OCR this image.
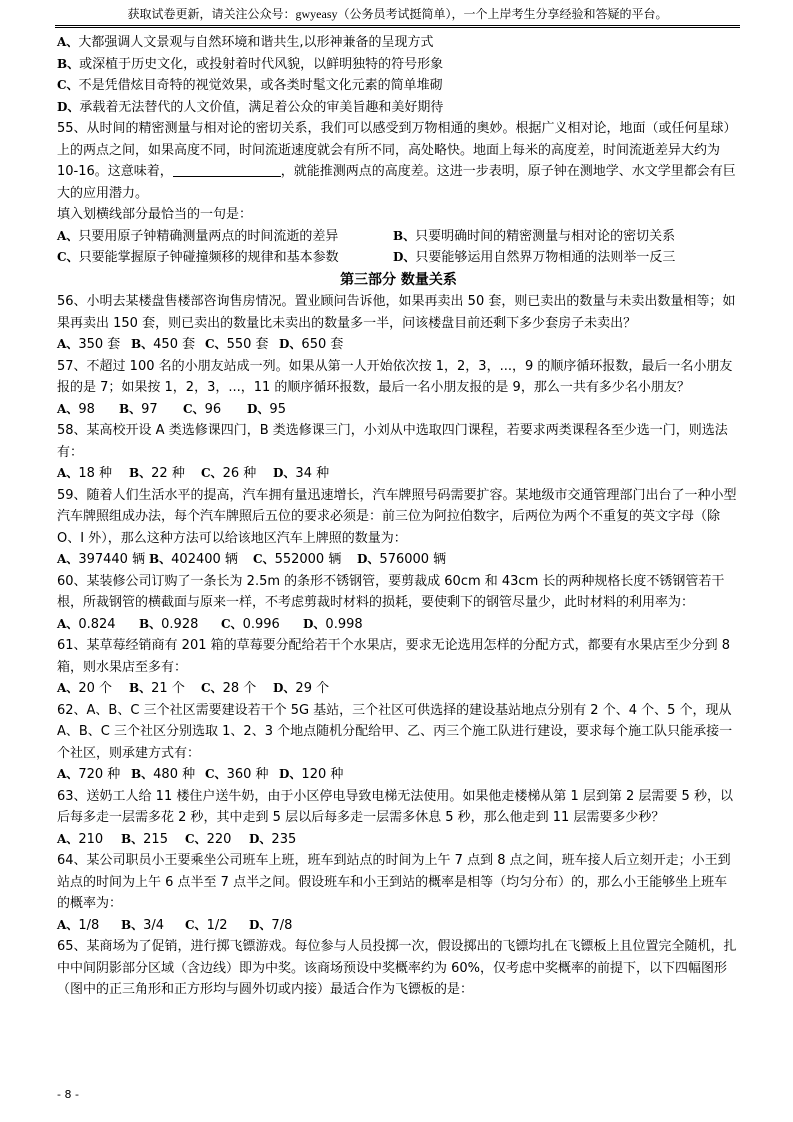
获取试卷更新，请关注公众号：gwyeasy（公务员考试挺简单），一个上岸考生分享经验和答疑的平台。

A、大都强调人文景观与自然环境和谐共生,以形神兼备的呈现方式

B、或深植于历史文化，或投射着时代风貌，以鲜明独特的符号形象

C、不是凭借炫目奇特的视觉效果，或各类时髦文化元素的简单堆砌

D、承载着无法替代的人文价值，满足着公众的审美旨趣和美好期待

55、从时间的精密测量与相对论的密切关系，我们可以感受到万物相通的奥妙。根据广义相对论，地面（或任何星球）上的两点之间，如果高度不同，时间流逝速度就会有所不同，高处略快。地面上每米的高度差，时间流逝差异大约为 10-16。这意味着，	，就能推测两点的高度差。这进一步表明，原子钟在测地学、水文学里都会有巨大的应用潜力。

填入划横线部分最恰当的一句是：

A、只要用原子钟精确测量两点的时间流逝的差异	B、只要明确时间的精密测量与相对论的密切关系
C、只要能掌握原子钟碰撞频移的规律和基本参数	D、只要能够运用自然界万物相通的法则举一反三

第三部分 数量关系

56、小明去某楼盘售楼部咨询售房情况。置业顾问告诉他，如果再卖出 50 套，则已卖出的数量与未卖出数量相等；如果再卖出 150 套，则已卖出的数量比未卖出的数量多一半，问该楼盘目前还剩下多少套房子未卖出？

A、350 套 B、450 套 C、550 套 D、650 套

57、不超过 100 名的小朋友站成一列。如果从第一人开始依次按 1，2，3，...，9 的顺序循环报数，最后一名小朋友报的是 7；如果按 1，2，3，...，11 的顺序循环报数，最后一名小朋友报的是 9，那么一共有多少名小朋友？

A、98	B、97	C、96	D、95

58、某高校开设 A 类选修课四门，B 类选修课三门，小刘从中选取四门课程，若要求两类课程各至少选一门，则选法有：

A、18 种	B、22 种	C、26 种	D、34 种

59、随着人们生活水平的提高，汽车拥有量迅速增长，汽车牌照号码需要扩容。某地级市交通管理部门出台了一种小型汽车牌照组成办法，每个汽车牌照后五位的要求必须是：前三位为阿拉伯数字，后两位为两个不重复的英文字母（除 O、I 外），那么这种方法可以给该地区汽车上牌照的数量为：

A、397440 辆 B、402400 辆	C、552000 辆	D、576000 辆

60、某装修公司订购了一条长为 2.5m 的条形不锈钢管，要剪裁成 60cm 和 43cm 长的两种规格长度不锈钢管若干根，所裁钢管的横截面与原来一样，不考虑剪裁时材料的损耗，要使剩下的钢管尽量少，此时材料的利用率为：

A、0.824	B、0.928	C、0.996	D、0.998

61、某草莓经销商有 201 箱的草莓要分配给若干个水果店，要求无论选用怎样的分配方式，都要有水果店至少分到 8 箱，则水果店至多有：

A、20 个	B、21 个	C、28 个	D、29 个

62、A、B、C 三个社区需要建设若干个 5G 基站，三个社区可供选择的建设基站地点分别有 2 个、4 个、5 个，现从 A、B、C 三个社区分别选取 1、2、3 个地点随机分配给甲、乙、丙三个施工队进行建设，要求每个施工队只能承接一个社区，则承建方式有：

A、720 种 B、480 种 C、360 种 D、120 种

63、送奶工人给 11 楼住户送牛奶，由于小区停电导致电梯无法使用。如果他走楼梯从第 1 层到第 2 层需要 5 秒，以后每多走一层需多花 2 秒，其中走到 5 层以后每多走一层需多休息 5 秒，那么他走到 11 层需要多少秒？

A、210	B、215	C、220	D、235

64、某公司职员小王要乘坐公司班车上班，班车到站点的时间为上午 7 点到 8 点之间，班车接人后立刻开走；小王到站点的时间为上午 6 点半至 7 点半之间。假设班车和小王到站的概率是相等（均匀分布）的，那么小王能够坐上班车的概率为：

A、1/8	B、3/4	C、1/2	D、7/8

65、某商场为了促销，进行掷飞镖游戏。每位参与人员投掷一次，假设掷出的飞镖均扎在飞镖板上且位置完全随机，扎中中间阴影部分区域（含边线）即为中奖。该商场预设中奖概率约为 60%，仅考虑中奖概率的前提下，以下四幅图形（图中的正三角形和正方形均与圆外切或内接）最适合作为飞镖板的是：

- 8 -
